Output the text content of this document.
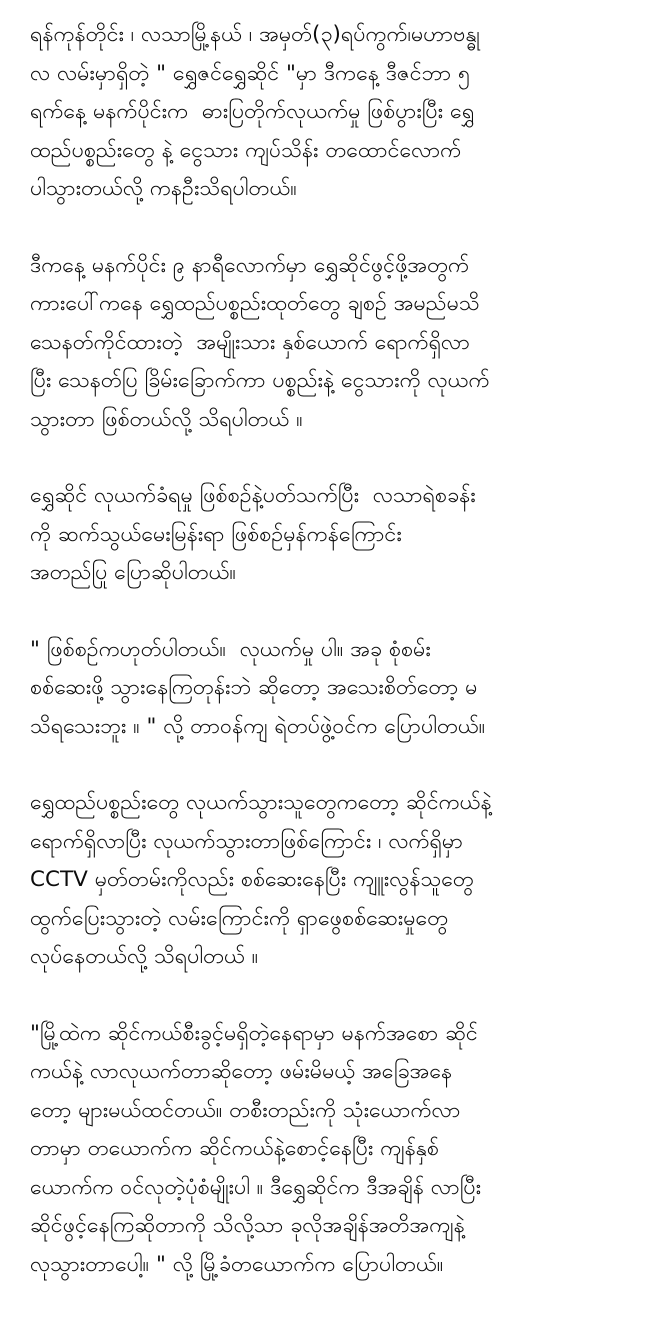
ရန်ကုန်တိုင်း ၊ လသာမြို့နယ် ၊ အမှတ်(၃)ရပ်ကွက်၊မဟာဗန္ဓု
လ လမ်းမှာရှိတဲ့ " ရွှေဇင်ရွှေဆိုင် "မှာ ဒီကနေ့ ဒီဇင်ဘာ ၅
ရက်နေ့ မနက်ပိုင်းက  ဓားပြတိုက်လုယက်မှု ဖြစ်ပွားပြီး ရွှေ
ထည်ပစ္စည်းတွေ နဲ့ ငွေသား ကျပ်သိန်း တထောင်လောက်
ပါသွားတယ်လို့ ကနဦးသိရပါတယ်။
ဒီကနေ့ မနက်ပိုင်း ၉ နာရီလောက်မှာ ရွှေဆိုင်ဖွင့်ဖို့အတွက်
ကားပေါ်ကနေ ရွှေထည်ပစ္စည်းထုတ်တွေ ချစဉ် အမည်မသိ
သေနတ်ကိုင်ထားတဲ့  အမျိုးသား နှစ်ယောက် ရောက်ရှိလာ
ပြီး သေနတ်ပြ ခြိမ်းခြောက်ကာ ပစ္စည်းနဲ့ ငွေသားကို လုယက်
သွားတာ ဖြစ်တယ်လို့ သိရပါတယ် ။
ရွှေဆိုင် လုယက်ခံရမှု ဖြစ်စဉ်နဲ့ပတ်သက်ပြီး  လသာရဲစခန်း
ကို ဆက်သွယ်မေးမြန်းရာ ဖြစ်စဉ်မှန်ကန်ကြောင်း
အတည်ပြု ပြောဆိုပါတယ်။
" ဖြစ်စဥ်ကဟုတ်ပါတယ်။  လုယက်မှု ပါ။ အခု စုံစမ်း
စစ်ဆေးဖို့ သွားနေကြတုန်းဘဲ ဆိုတော့ အသေးစိတ်တော့ မ
သိရသေးဘူး ။ " လို့ တာဝန်ကျ ရဲတပ်ဖွဲ့ဝင်က ပြောပါတယ်။
ရွှေထည်ပစ္စည်းတွေ လုယက်သွားသူတွေကတော့ ဆိုင်ကယ်နဲ့
ရောက်ရှိလာပြီး လုယက်သွားတာဖြစ်ကြောင်း ၊ လက်ရှိမှာ
CCTV မှတ်တမ်းကိုလည်း စစ်ဆေးနေပြီး ကျူးလွန်သူတွေ
ထွက်ပြေးသွားတဲ့ လမ်းကြောင်းကို ရှာဖွေစစ်ဆေးမှုတွေ
လုပ်နေတယ်လို့ သိရပါတယ် ။
"မြို့ထဲက ဆိုင်ကယ်စီးခွင့်မရှိတဲ့နေရာမှာ မနက်အစော ဆိုင်
ကယ်နဲ့ လာလုယက်တာဆိုတော့ ဖမ်းမိမယ့် အခြေအနေ
တော့ များမယ်ထင်တယ်။ တစီးတည်းကို သုံးယောက်လာ
တာမှာ တယောက်က ဆိုင်ကယ်နဲ့စောင့်နေပြီး ကျန်နှစ်
ယောက်က ဝင်လုတဲ့ပုံစံမျိုးပါ ။ ဒီရွှေဆိုင်က ဒီအချိန် လာပြီး
ဆိုင်ဖွင့်နေကြဆိုတာကို သိလို့သာ ခုလိုအချိန်အတိအကျနဲ့
လုသွားတာပေါ့။ " လို့ မြို့ခံတယောက်က ပြောပါတယ်။
